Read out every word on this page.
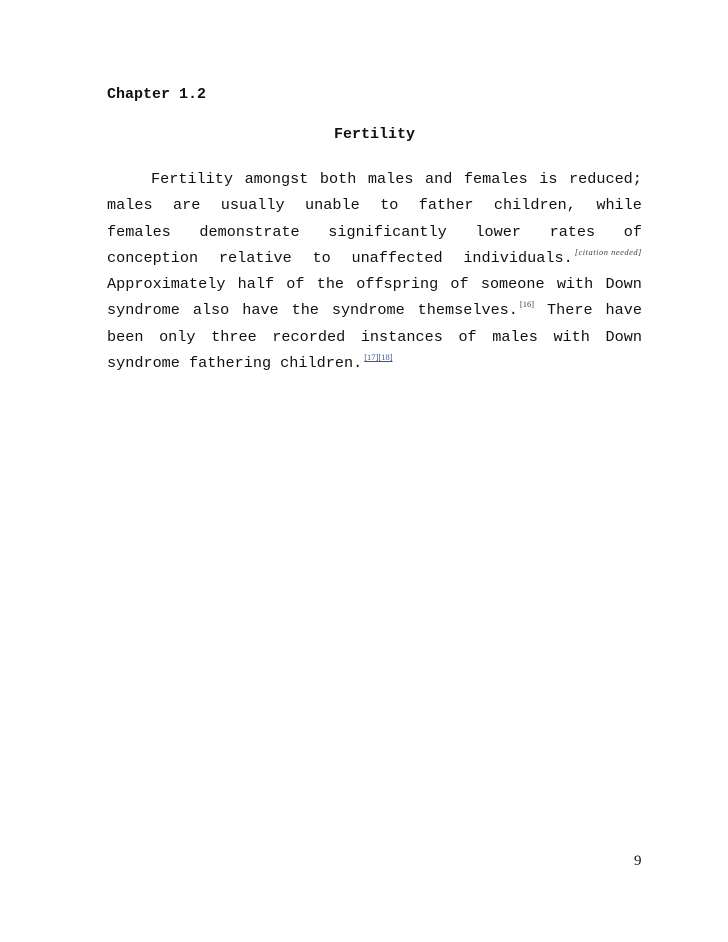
Chapter 1.2
Fertility

Fertility amongst both males and females is reduced;
males are usually unable to father children, while
females demonstrate significantly lower rates of
conception relative to unaffected individuals. [citation needed]
Approximately half of the offspring of someone with Down
syndrome also have the syndrome themselves. [16] There have
been only three recorded instances of males with Down
syndrome fathering children. [17][18]

9
